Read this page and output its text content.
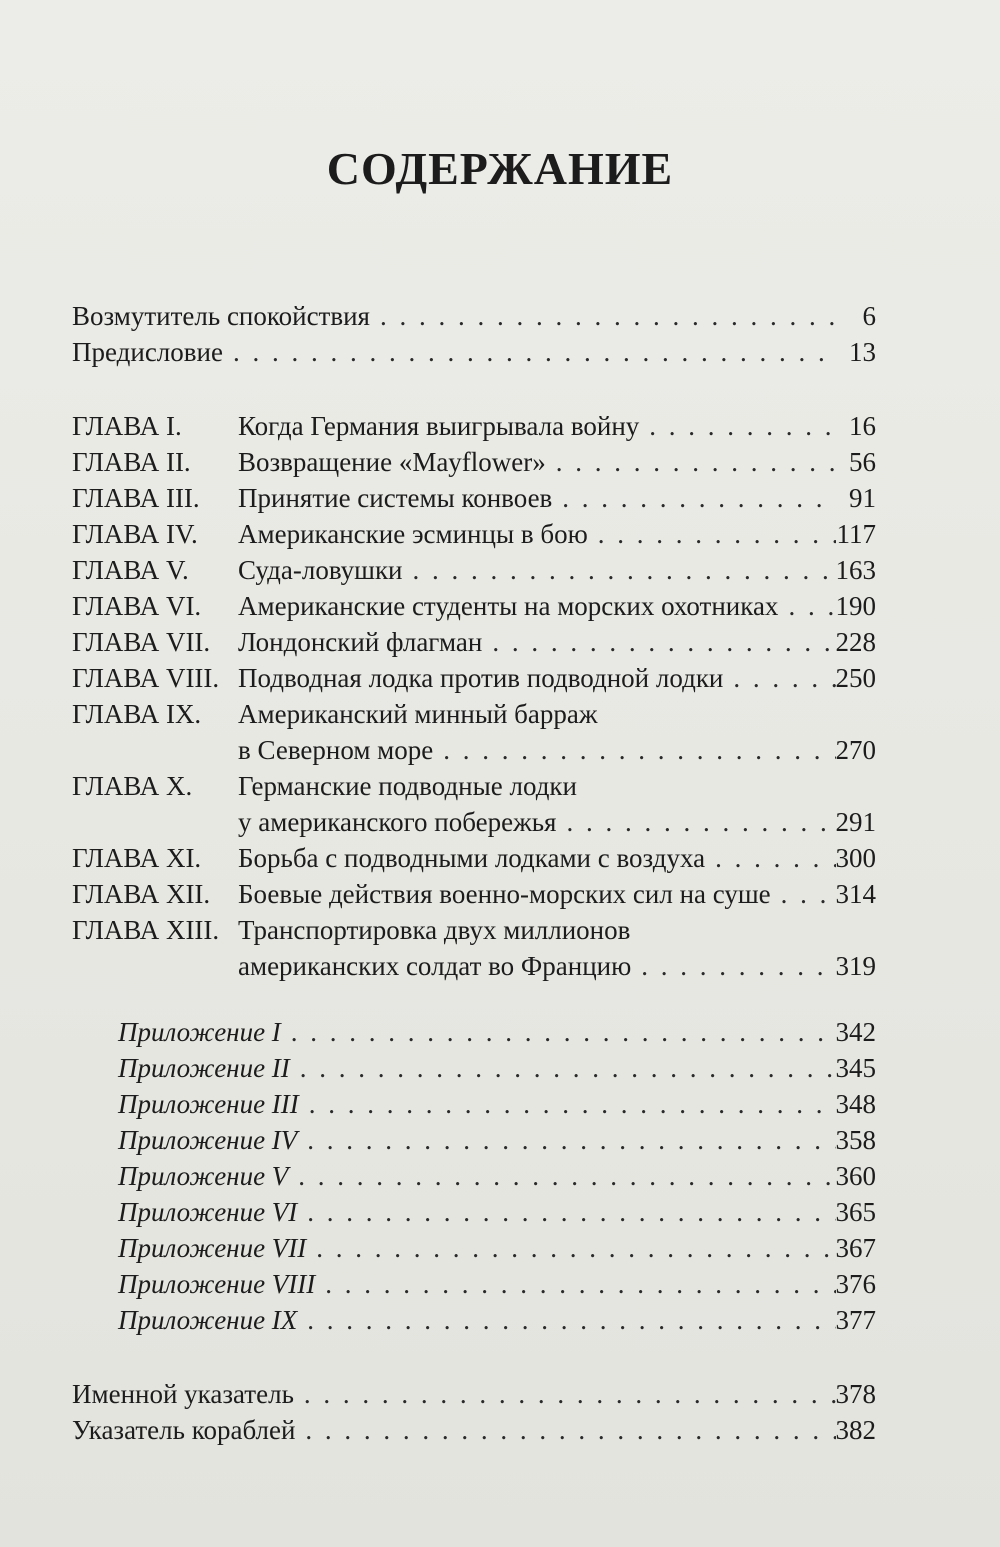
СОДЕРЖАНИЕ
Возмутитель спокойствия . . .	6
Предисловие . . .	13
ГЛАВА I.	Когда Германия выигрывала войну . . .	16
ГЛАВА II.	Возвращение «Mayflower» . . .	56
ГЛАВА III.	Принятие системы конвоев . . .	91
ГЛАВА IV.	Американские эсминцы в бою . . .	117
ГЛАВА V.	Суда-ловушки . . .	163
ГЛАВА VI.	Американские студенты на морских охотниках . . . 190
ГЛАВА VII.	Лондонский флагман . . .	228
ГЛАВА VIII. Подводная лодка против подводной лодки . . .	250
ГЛАВА IX.	Американский минный барраж
в Северном море . . .	270
ГЛАВА X.	Германские подводные лодки
у американского побережья . . .	291
ГЛАВА XI.	Борьба с подводными лодками с воздуха . . .	300
ГЛАВА XII.	Боевые действия военно-морских сил на суше . . . 314
ГЛАВА XIII. Транспортировка двух миллионов
американских солдат во Францию . . .	319
Приложение I . . .	342
Приложение II . . .	345
Приложение III . . .	348
Приложение IV . . .	358
Приложение V . . .	360
Приложение VI . . .	365
Приложение VII . . .	367
Приложение VIII . . .	376
Приложение IX . . .	377
Именной указатель . . .	378
Указатель кораблей . . .	382
